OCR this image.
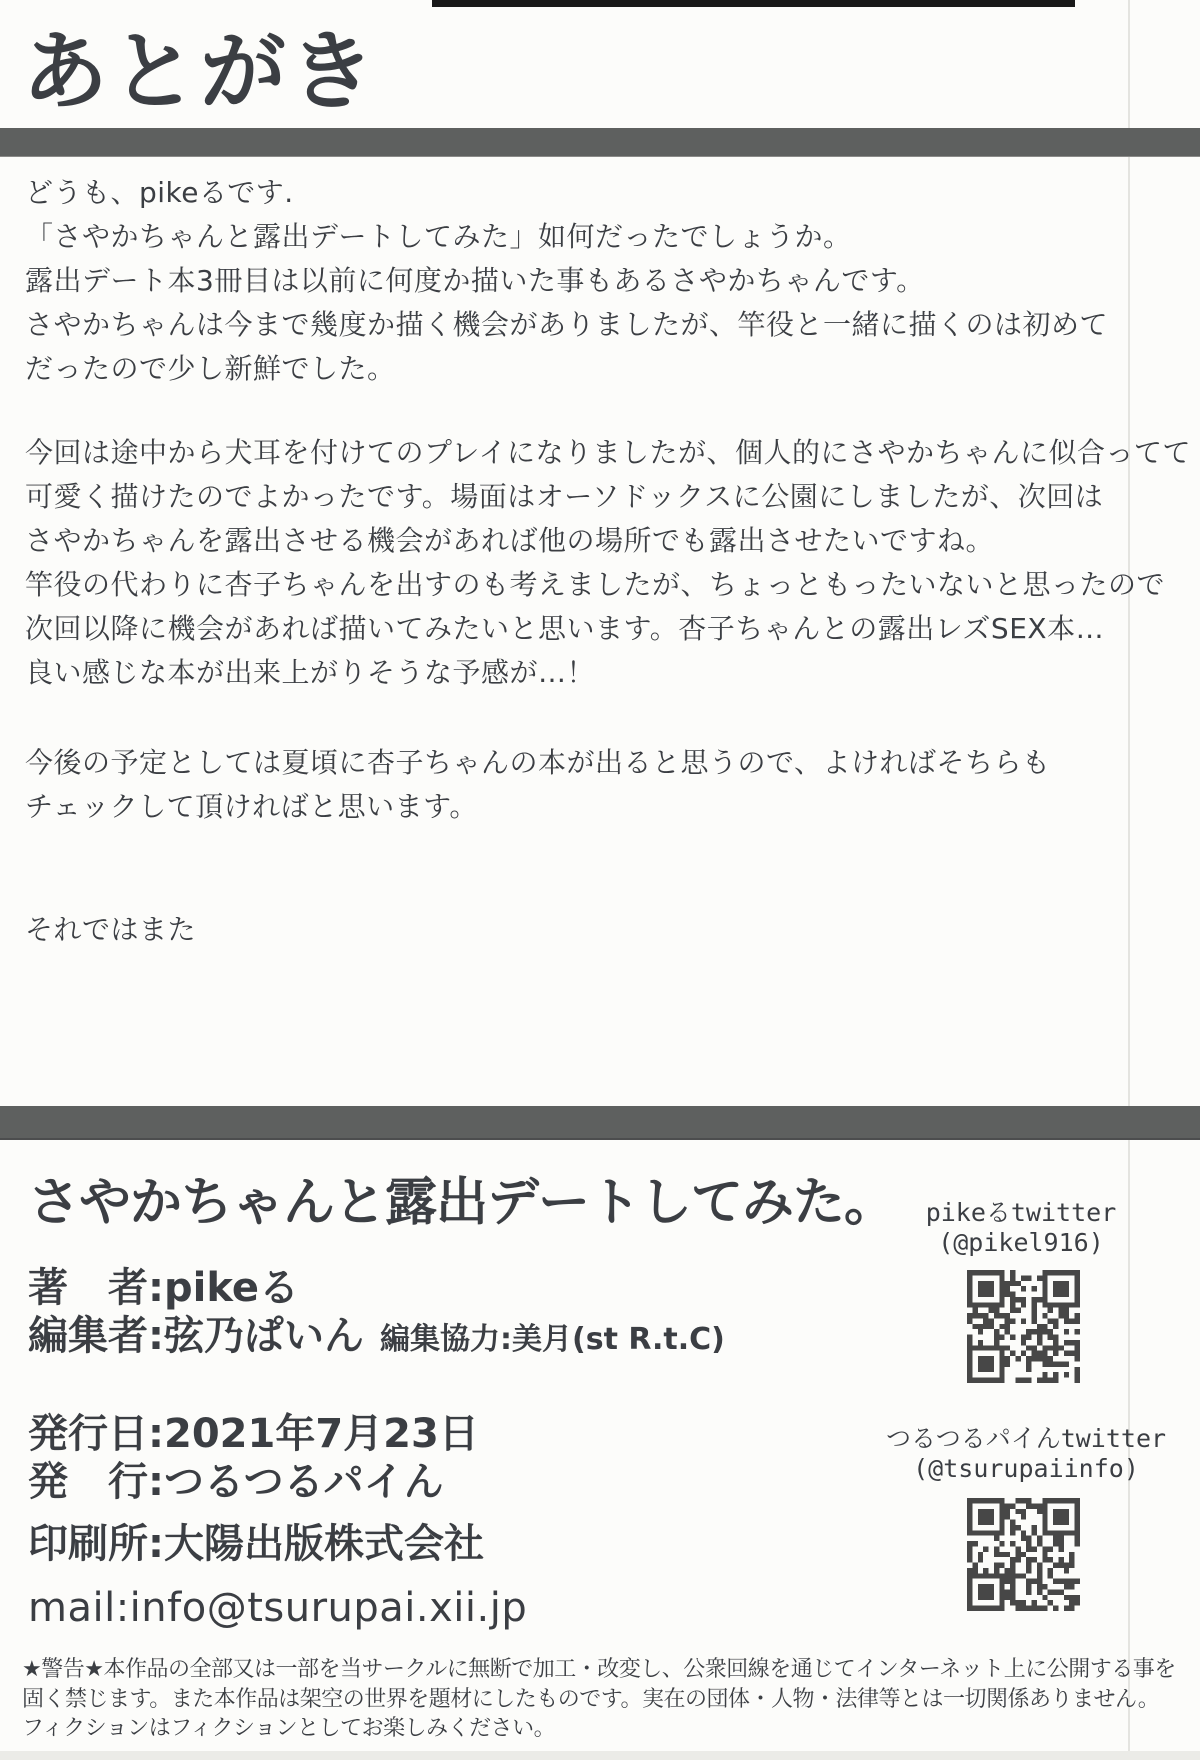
あとがき
どうも、pikeるです.
「さやかちゃんと露出デートしてみた」如何だったでしょうか。
露出デート本3冊目は以前に何度か描いた事もあるさやかちゃんです。
さやかちゃんは今まで幾度か描く機会がありましたが、竿役と一緒に描くのは初めて
だったので少し新鮮でした。
今回は途中から犬耳を付けてのプレイになりましたが、個人的にさやかちゃんに似合ってて
可愛く描けたのでよかったです。場面はオーソドックスに公園にしましたが、次回は
さやかちゃんを露出させる機会があれば他の場所でも露出させたいですね。
竿役の代わりに杏子ちゃんを出すのも考えましたが、ちょっともったいないと思ったので
次回以降に機会があれば描いてみたいと思います。杏子ちゃんとの露出レズSEX本…
良い感じな本が出来上がりそうな予感が…！
今後の予定としては夏頃に杏子ちゃんの本が出ると思うので、よければそちらも
チェックして頂ければと思います。
それではまた
さやかちゃんと露出デートしてみた。
著　者:pikeる
編集者:弦乃ぱいん 編集協力:美月(st R.t.C)
発行日:2021年7月23日
発　行:つるつるパイん
印刷所:大陽出版株式会社
mail:info@tsurupai.xii.jp
pikeるtwitter
(@pikel916)
つるつるパイんtwitter
(@tsurupaiinfo)
★警告★本作品の全部又は一部を当サークルに無断で加工・改変し、公衆回線を通じてインターネット上に公開する事を
固く禁じます。また本作品は架空の世界を題材にしたものです。実在の団体・人物・法律等とは一切関係ありません。
フィクションはフィクションとしてお楽しみください。
